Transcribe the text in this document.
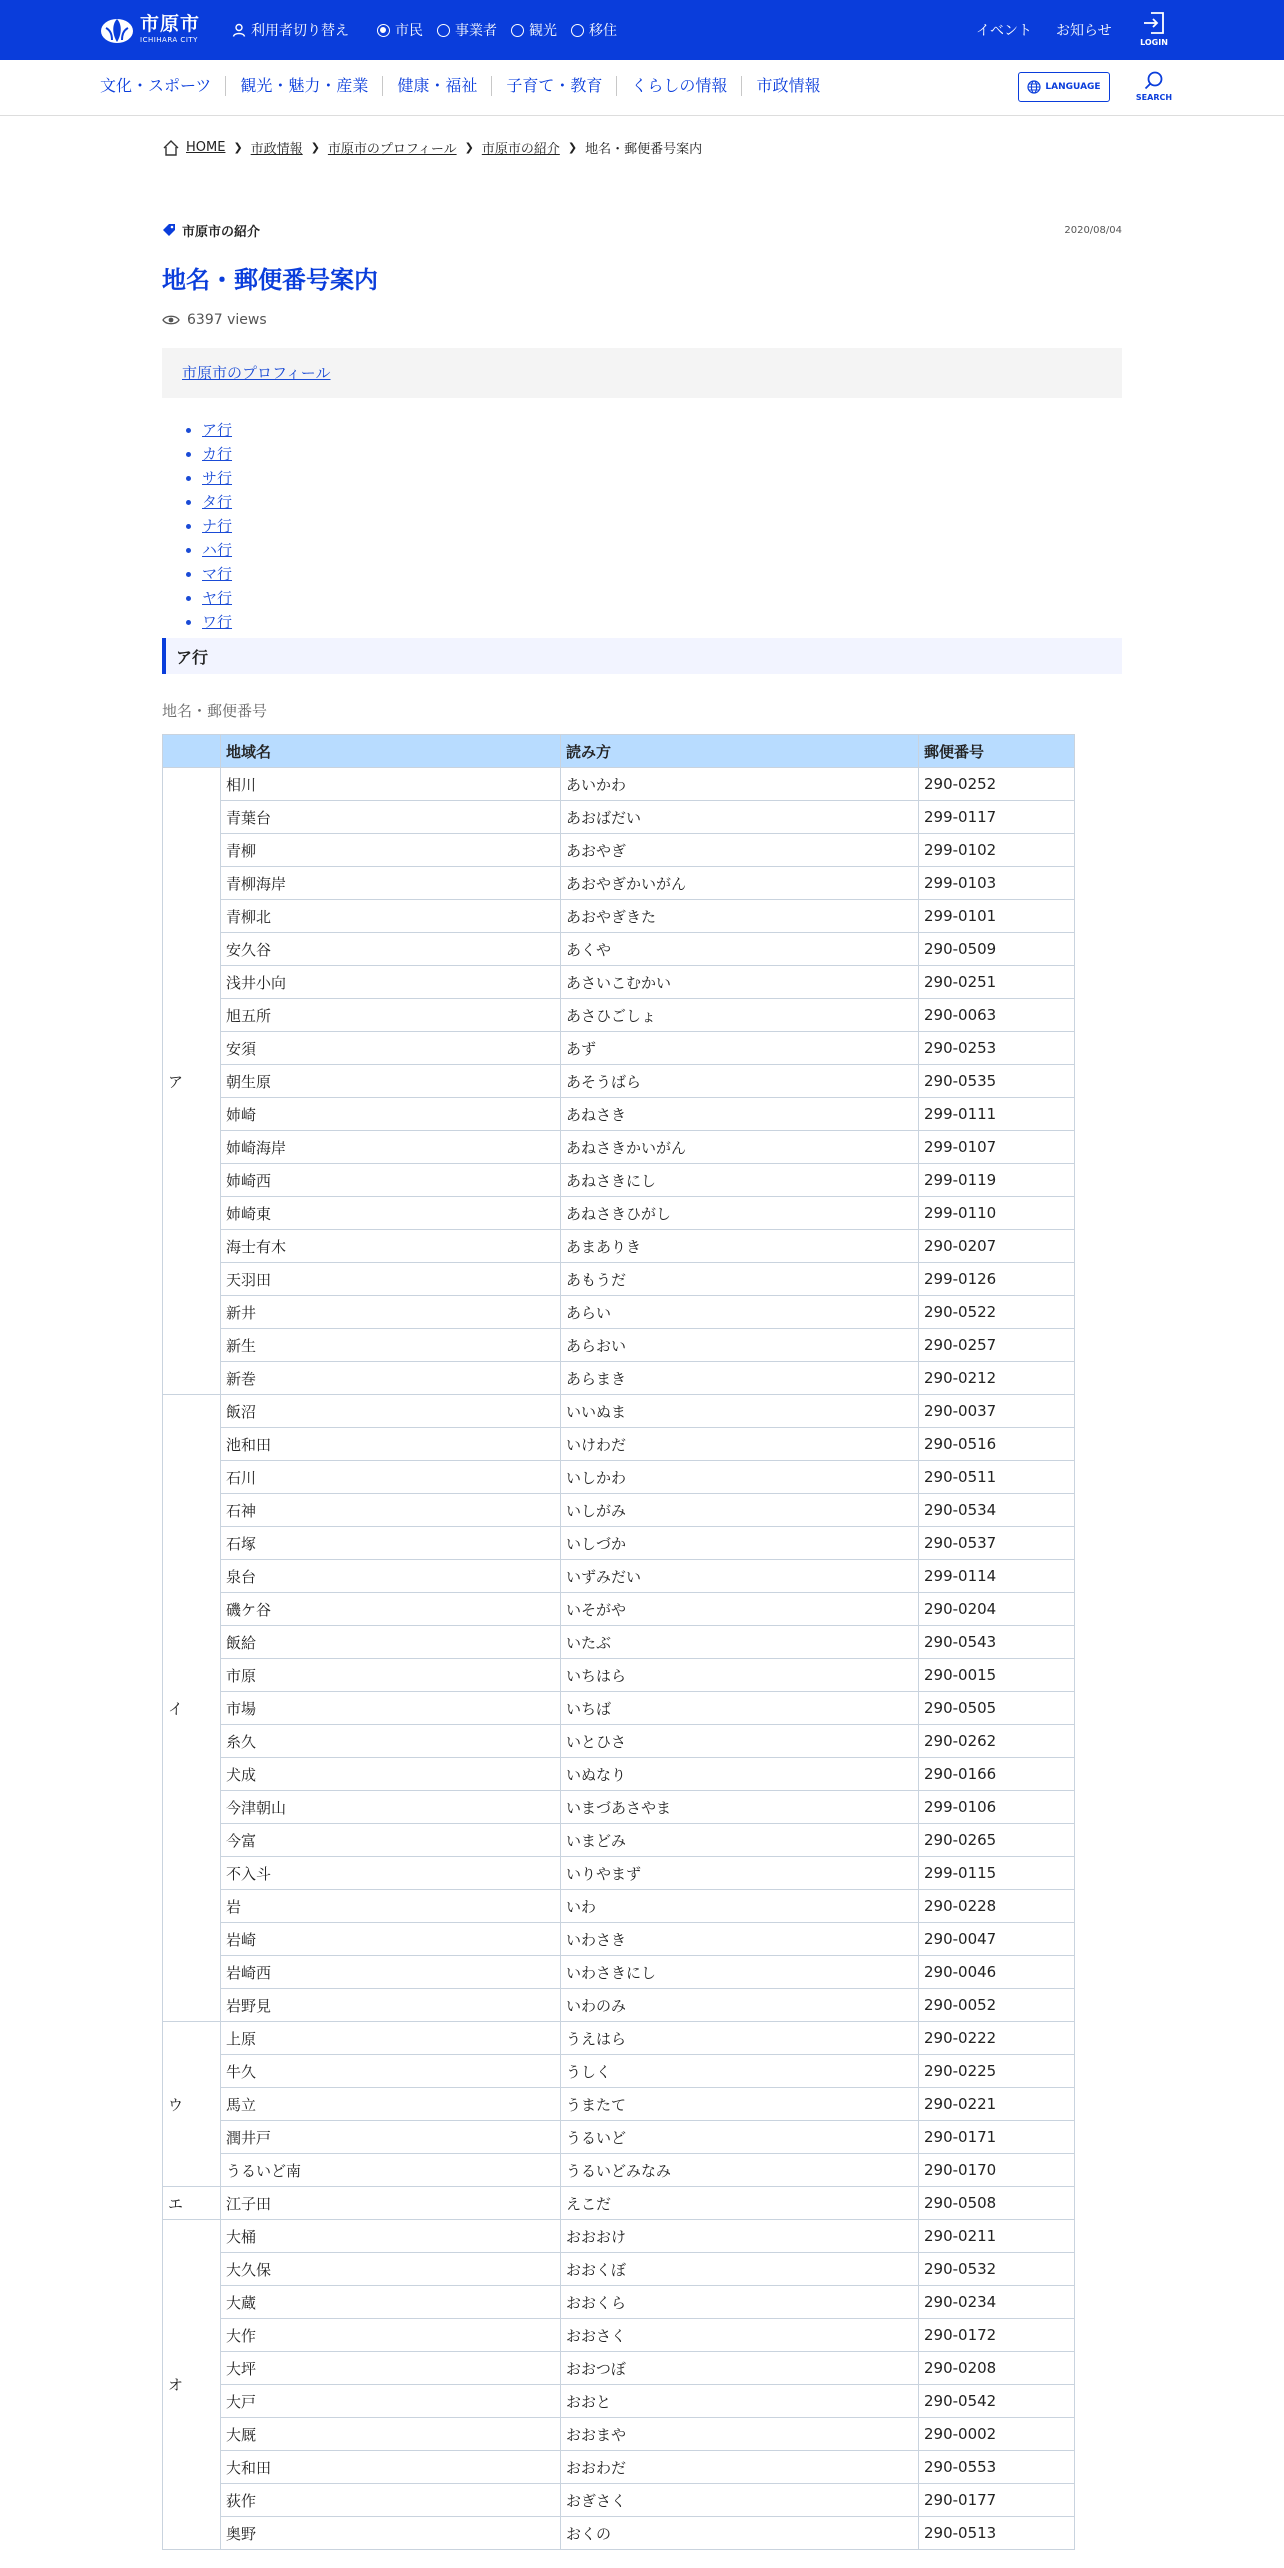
市原市
ICHIHARA CITY
利用者切り替え	市民 事業者 観光 移住	イベント お知らせ
LOGIN
文化・スポーツ	観光・魅力・産業	健康・福祉	子育て・教育	くらしの情報	市政情報	LANGUAGE
SEARCH
HOME ❯ 市政情報 ❯ 市原市のプロフィール ❯ 市原市の紹介 ❯ 地名・郵便番号案内
市原市の紹介	2020/08/04
地名・郵便番号案内
6397 views
市原市のプロフィール
• ア行
• カ行
• サ行
• タ行
• ナ行
• ハ行
• マ行
• ヤ行
• ワ行
ア行
地名・郵便番号
	地域名	読み方	郵便番号
ア	相川	あいかわ	290-0252
	青葉台	あおばだい	299-0117
	青柳	あおやぎ	299-0102
	青柳海岸	あおやぎかいがん	299-0103
	青柳北	あおやぎきた	299-0101
	安久谷	あくや	290-0509
	浅井小向	あさいこむかい	290-0251
	旭五所	あさひごしょ	290-0063
	安須	あず	290-0253
	朝生原	あそうばら	290-0535
	姉崎	あねさき	299-0111
	姉崎海岸	あねさきかいがん	299-0107
	姉崎西	あねさきにし	299-0119
	姉崎東	あねさきひがし	299-0110
	海士有木	あまありき	290-0207
	天羽田	あもうだ	299-0126
	新井	あらい	290-0522
	新生	あらおい	290-0257
	新巻	あらまき	290-0212
イ	飯沼	いいぬま	290-0037
	池和田	いけわだ	290-0516
	石川	いしかわ	290-0511
	石神	いしがみ	290-0534
	石塚	いしづか	290-0537
	泉台	いずみだい	299-0114
	磯ケ谷	いそがや	290-0204
	飯給	いたぶ	290-0543
	市原	いちはら	290-0015
	市場	いちば	290-0505
	糸久	いとひさ	290-0262
	犬成	いぬなり	290-0166
	今津朝山	いまづあさやま	299-0106
	今富	いまどみ	290-0265
	不入斗	いりやまず	299-0115
	岩	いわ	290-0228
	岩崎	いわさき	290-0047
	岩崎西	いわさきにし	290-0046
	岩野見	いわのみ	290-0052
ウ	上原	うえはら	290-0222
	牛久	うしく	290-0225
	馬立	うまたて	290-0221
	潤井戸	うるいど	290-0171
	うるいど南	うるいどみなみ	290-0170
エ	江子田	えこだ	290-0508
オ	大桶	おおおけ	290-0211
	大久保	おおくぼ	290-0532
	大蔵	おおくら	290-0234
	大作	おおさく	290-0172
	大坪	おおつぼ	290-0208
	大戸	おおと	290-0542
	大厩	おおまや	290-0002
	大和田	おおわだ	290-0553
	荻作	おぎさく	290-0177
	奥野	おくの	290-0513
